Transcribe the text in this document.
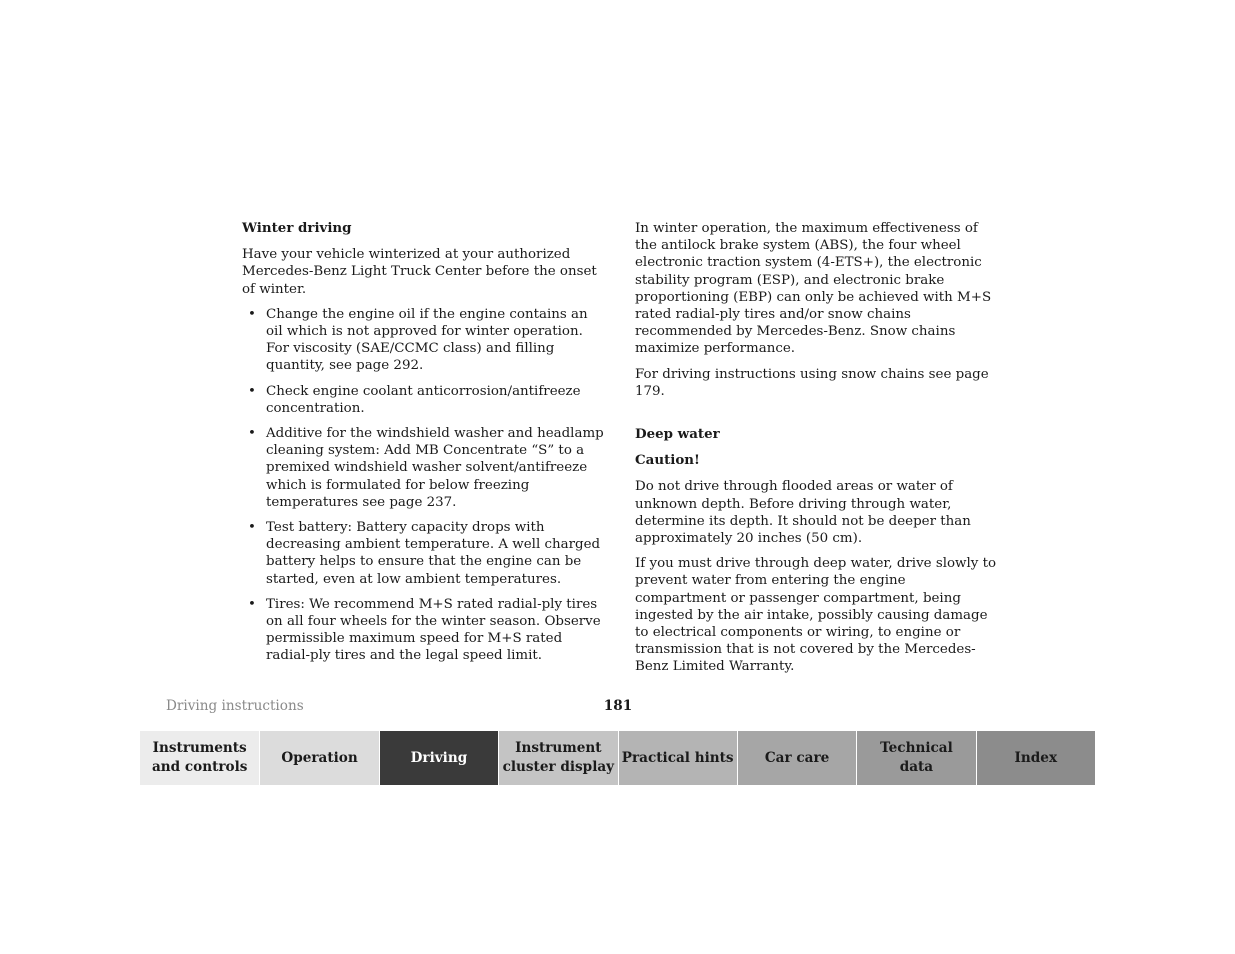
Winter driving

Have your vehicle winterized at your authorized Mercedes-Benz Light Truck Center before the onset of winter.

• Change the engine oil if the engine contains an oil which is not approved for winter operation. For viscosity (SAE/CCMC class) and filling quantity, see page 292.
• Check engine coolant anticorrosion/antifreeze concentration.
• Additive for the windshield washer and headlamp cleaning system: Add MB Concentrate “S” to a premixed windshield washer solvent/antifreeze which is formulated for below freezing temperatures see page 237.
• Test battery: Battery capacity drops with decreasing ambient temperature. A well charged battery helps to ensure that the engine can be started, even at low ambient temperatures.
• Tires: We recommend M+S rated radial-ply tires on all four wheels for the winter season. Observe permissible maximum speed for M+S rated radial-ply tires and the legal speed limit.

In winter operation, the maximum effectiveness of the antilock brake system (ABS), the four wheel electronic traction system (4-ETS+), the electronic stability program (ESP), and electronic brake proportioning (EBP) can only be achieved with M+S rated radial-ply tires and/or snow chains recommended by Mercedes-Benz. Snow chains maximize performance.

For driving instructions using snow chains see page 179.

Deep water
Caution!

Do not drive through flooded areas or water of unknown depth. Before driving through water, determine its depth. It should not be deeper than approximately 20 inches (50 cm).

If you must drive through deep water, drive slowly to prevent water from entering the engine compartment or passenger compartment, being ingested by the air intake, possibly causing damage to electrical components or wiring, to engine or transmission that is not covered by the Mercedes-Benz Limited Warranty.

Driving instructions	181
Instruments
and controls
Operation	Driving
Instrument
cluster display
Practical hints Car care
Technical
data
Index
